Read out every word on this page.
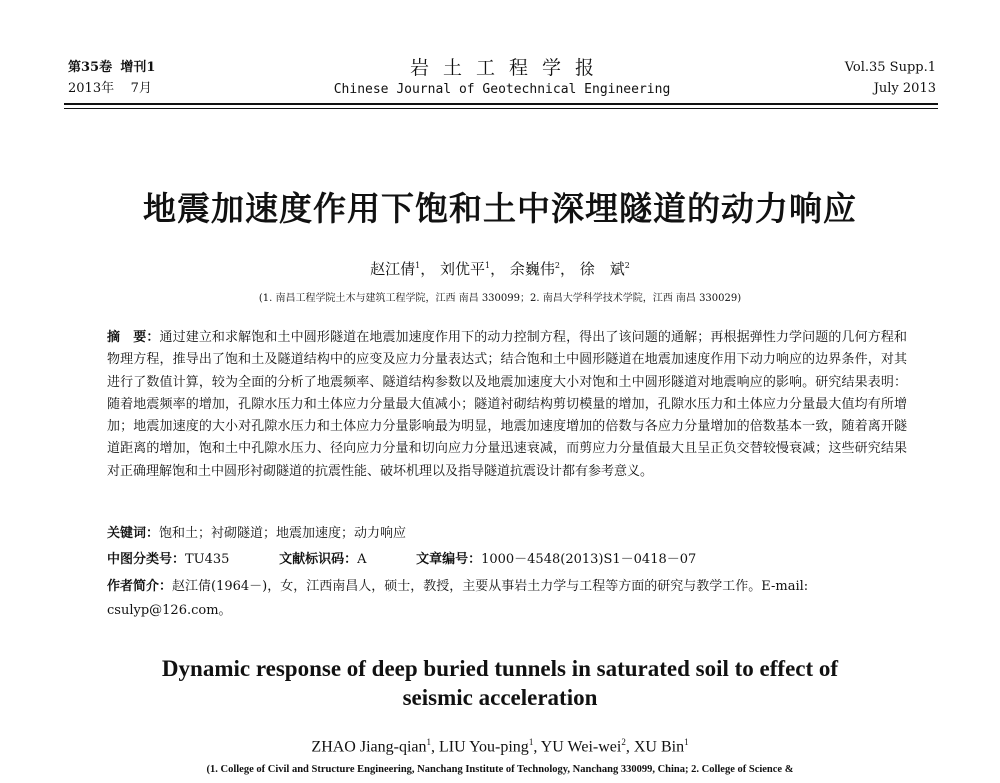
第35卷 增刊1
2013年 7月
岩土工程学报
Chinese Journal of Geotechnical Engineering
Vol.35 Supp.1
July 2013
地震加速度作用下饱和土中深埋隧道的动力响应
赵江倩$^1$， 刘优平$^1$， 余巍伟$^2$， 徐　斌$^2$
(1. 南昌工程学院土木与建筑工程学院，江西 南昌 330099；2. 南昌大学科学技术学院，江西 南昌 330029)
摘　要：通过建立和求解饱和土中圆形隧道在地震加速度作用下的动力控制方程，得出了该问题的通解；再根据弹性力学问题的几何方程和物理方程，推导出了饱和土及隧道结构中的应变及应力分量表达式；结合饱和土中圆形隧道在地震加速度作用下动力响应的边界条件，对其进行了数值计算，较为全面的分析了地震频率、隧道结构参数以及地震加速度大小对饱和土中圆形隧道对地震响应的影响。研究结果表明：随着地震频率的增加，孔隙水压力和土体应力分量最大值减小；隧道衬砌结构剪切模量的增加，孔隙水压力和土体应力分量最大值均有所增加；地震加速度的大小对孔隙水压力和土体应力分量影响最为明显，地震加速度增加的倍数与各应力分量增加的倍数基本一致，随着离开隧道距离的增加，饱和土中孔隙水压力、径向应力分量和切向应力分量迅速衰减，而剪应力分量值最大且呈正负交替较慢衰减；这些研究结果对正确理解饱和土中圆形衬砌隧道的抗震性能、破坏机理以及指导隧道抗震设计都有参考意义。
关键词：饱和土；衬砌隧道；地震加速度；动力响应
中图分类号：TU435	文献标识码：A	文章编号：1000－4548(2013)S1－0418－07
作者简介：赵江倩(1964－)，女，江西南昌人，硕士，教授，主要从事岩土力学与工程等方面的研究与教学工作。E-mail: csulyp@126.com。
Dynamic response of deep buried tunnels in saturated soil to effect of
seismic acceleration
ZHAO Jiang-qian$^1$, LIU You-ping$^1$, YU Wei-wei$^2$, XU Bin$^1$
(1. College of Civil and Structure Engineering, Nanchang Institute of Technology, Nanchang 330099, China; 2. College of Science &
